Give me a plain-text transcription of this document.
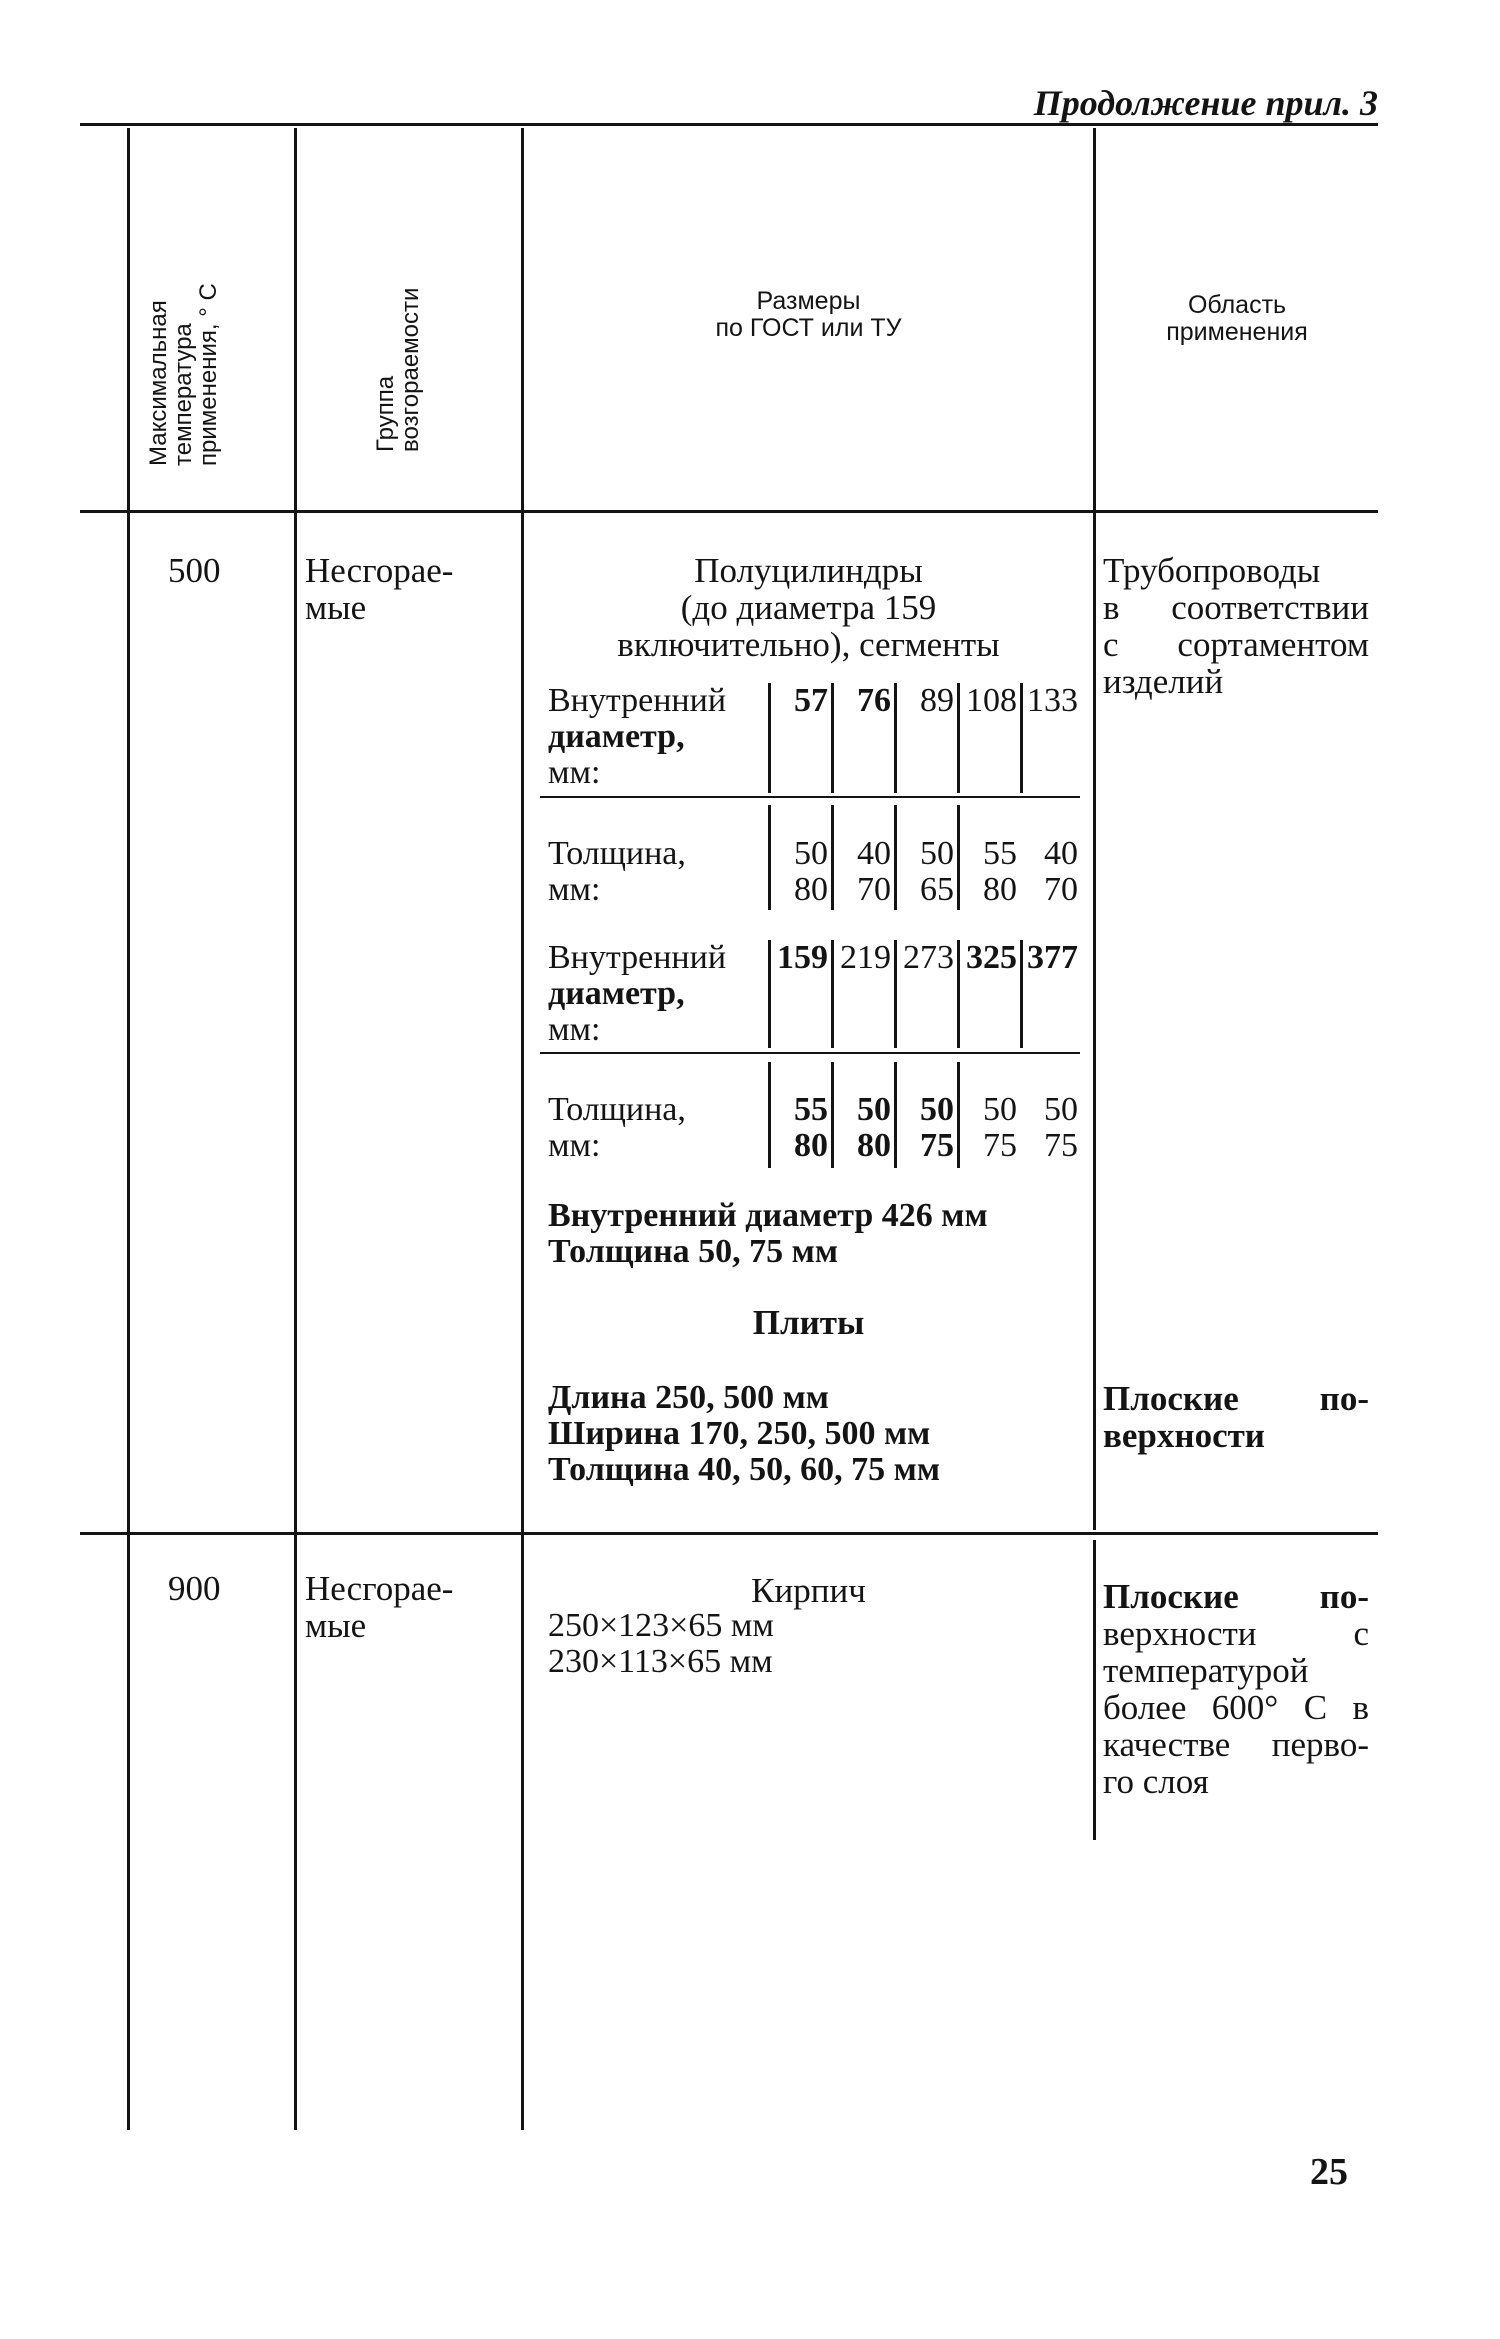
Продолжение прил. 3
Максимальная
температура
применения, ° С	Группа
возгораемости	Размеры
по ГОСТ или ТУ
Область
применения
500 Несгорае-
мые
Полуцилиндры
(до диаметра 159
включительно), сегменты
Внутренний
диаметр,
мм:
57 76 89 108 133
Толщина,
мм:
50 40 50 55 40
80 70 65 80 70
Внутренний
диаметр,
мм:
159 219 273 325 377
Толщина,
мм:
55 50 50 50 50
80 80 75 75 75
Внутренний диаметр 426 мм
Толщина 50, 75 мм
Плиты
Длина 250, 500 мм
Ширина 170, 250, 500 мм
Толщина 40, 50, 60, 75 мм
Трубопроводы
в соответствии
с сортаментом
изделий
Плоские по-
верхности
900 Несгорае-
мые
Кирпич
250×123×65 мм
230×113×65 мм
Плоские по-
верхности с
температурой
более 600° С в
качестве перво-
го слоя
25
